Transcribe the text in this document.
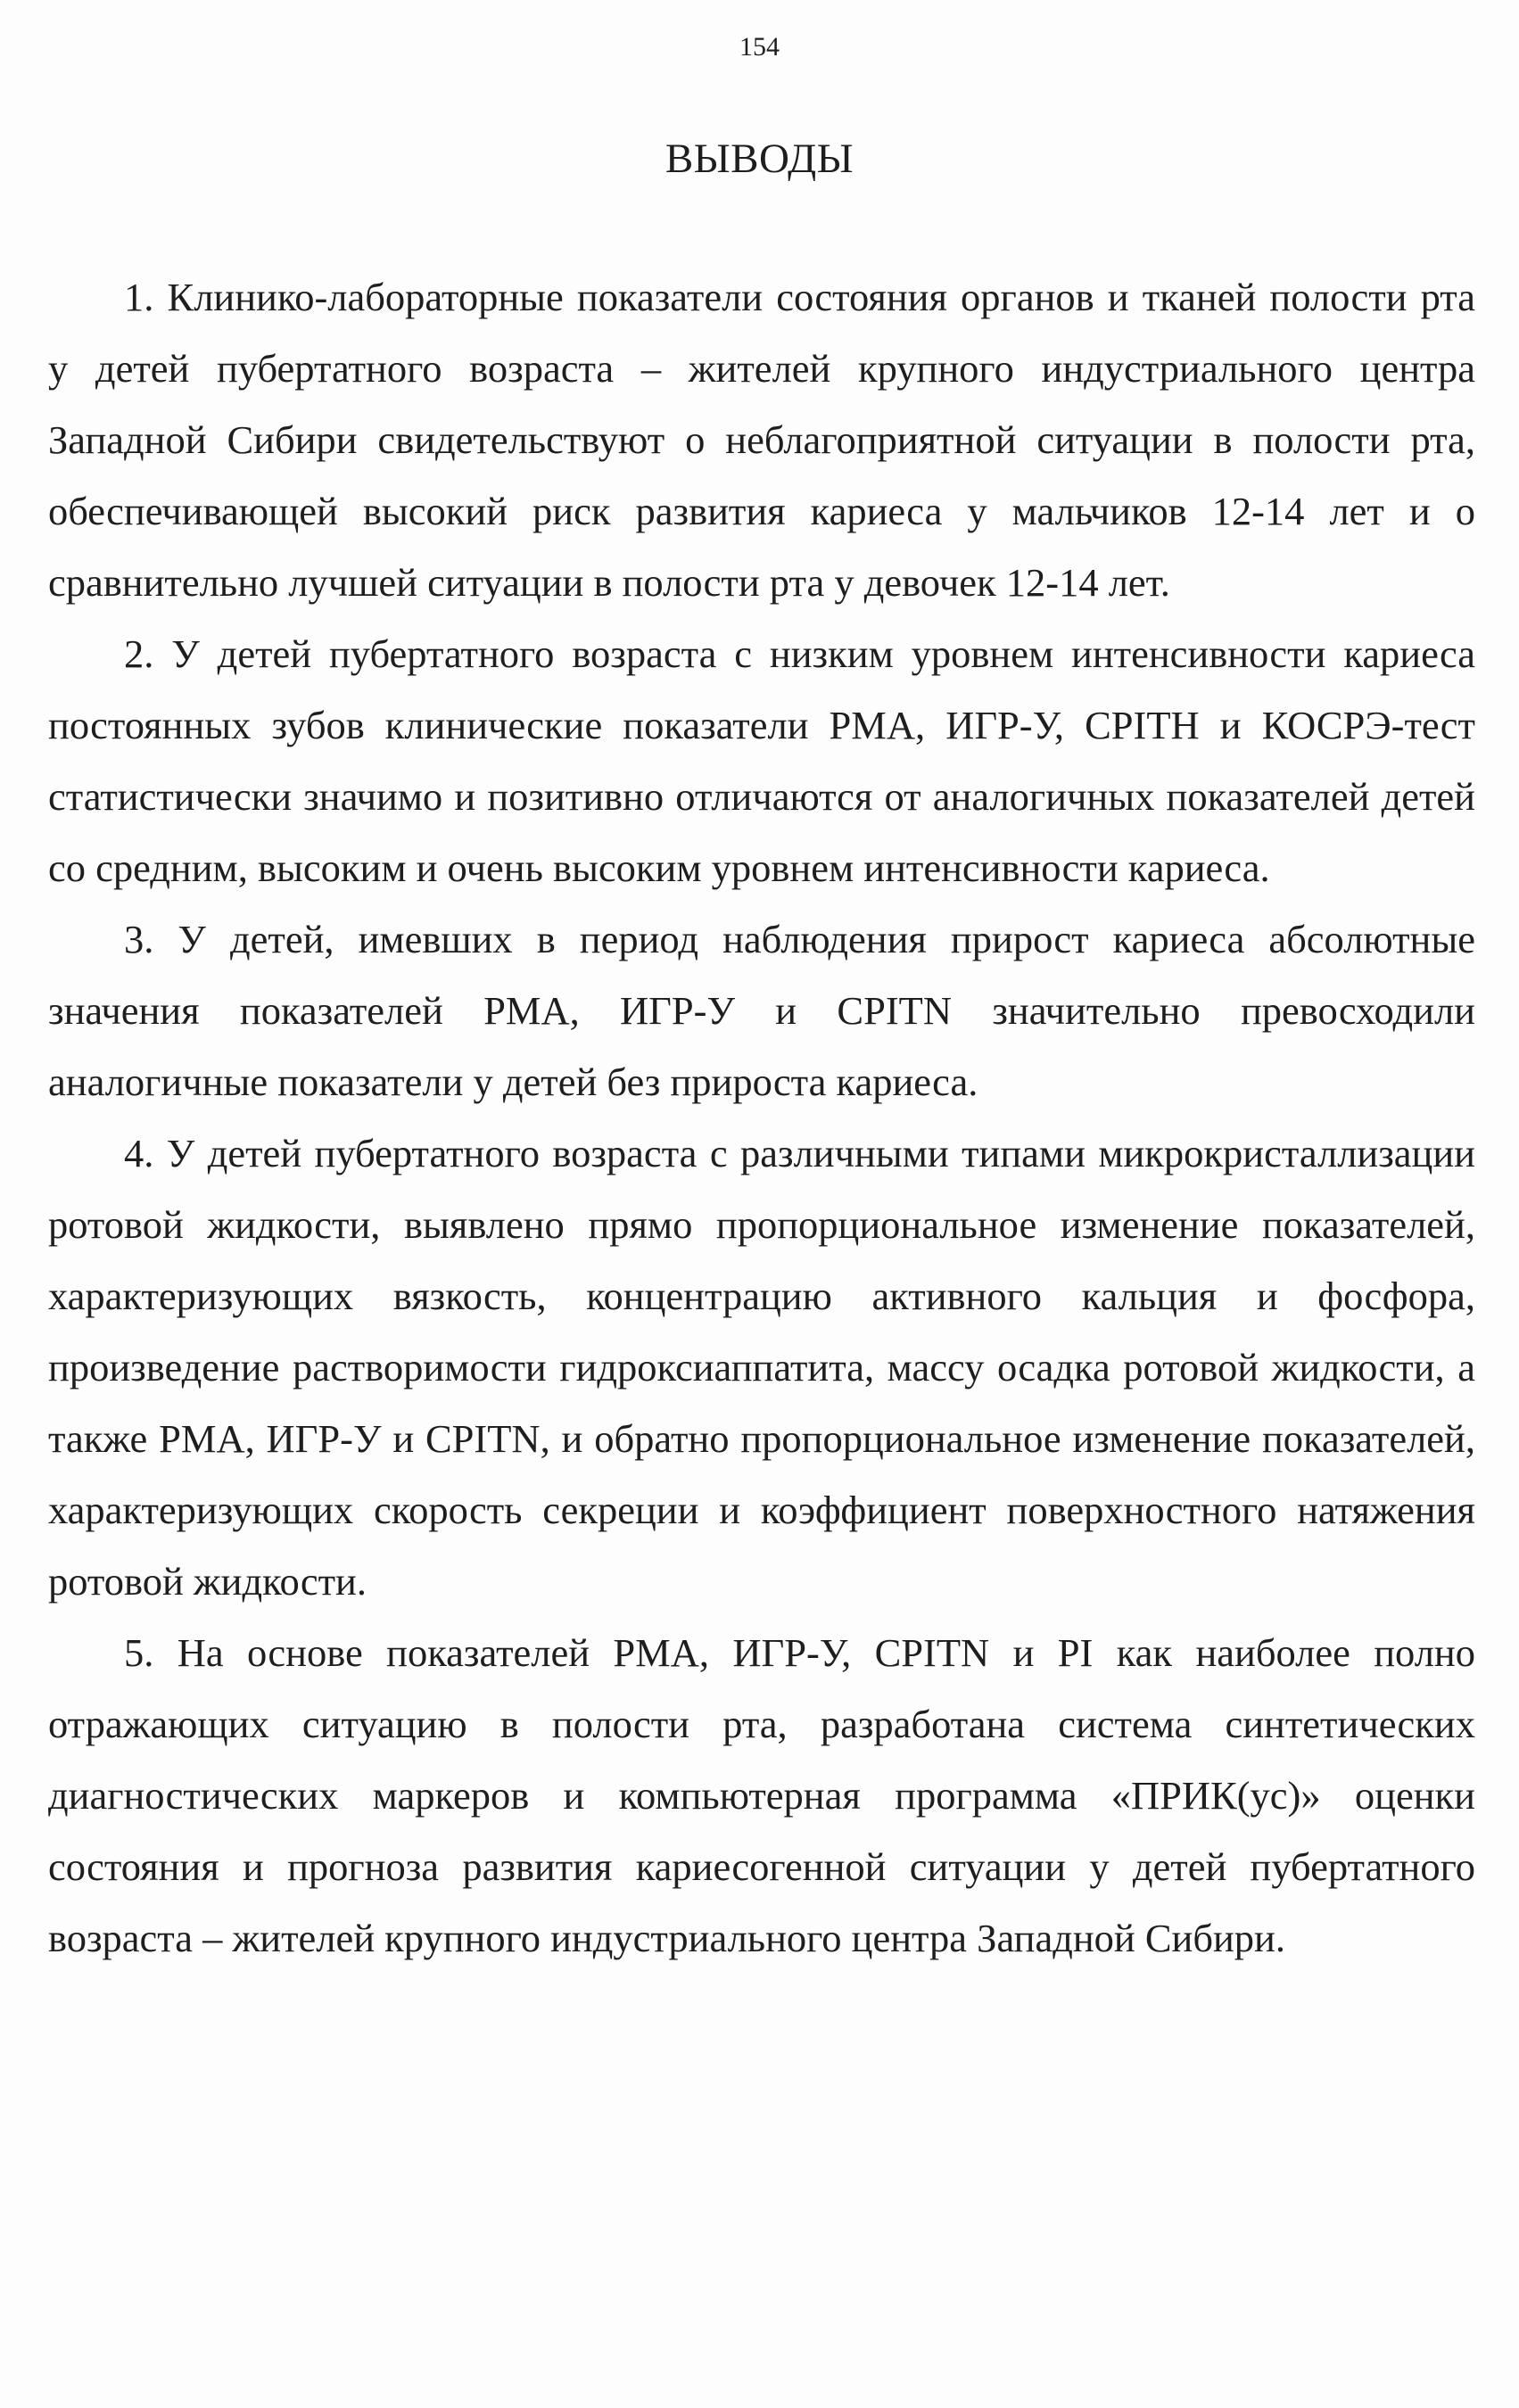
154
ВЫВОДЫ

1. Клинико-лабораторные показатели состояния органов и тканей полости рта у детей пубертатного возраста – жителей крупного индустриального центра Западной Сибири свидетельствуют о неблагоприятной ситуации в полости рта, обеспечивающей высокий риск развития кариеса у мальчиков 12-14 лет и о сравнительно лучшей ситуации в полости рта у девочек 12-14 лет.

2. У детей пубертатного возраста с низким уровнем интенсивности кариеса постоянных зубов клинические показатели РМА, ИГР-У, CPITH и КОСРЭ-тест статистически значимо и позитивно отличаются от аналогичных показателей детей со средним, высоким и очень высоким уровнем интенсивности кариеса.

3. У детей, имевших в период наблюдения прирост кариеса абсолютные значения показателей РМА, ИГР-У и CPITN значительно превосходили аналогичные показатели у детей без прироста кариеса.

4. У детей пубертатного возраста с различными типами микрокристаллизации ротовой жидкости, выявлено прямо пропорциональное изменение показателей, характеризующих вязкость, концентрацию активного кальция и фосфора, произведение растворимости гидроксиаппатита, массу осадка ротовой жидкости, а также РМА, ИГР-У и CPITN, и обратно пропорциональное изменение показателей, характеризующих скорость секреции и коэффициент поверхностного натяжения ротовой жидкости.

5. На основе показателей РМА, ИГР-У, CPITN и PI как наиболее полно отражающих ситуацию в полости рта, разработана система синтетических диагностических маркеров и компьютерная программа «ПРИК(ус)» оценки состояния и прогноза развития кариесогенной ситуации у детей пубертатного возраста – жителей крупного индустриального центра Западной Сибири.
